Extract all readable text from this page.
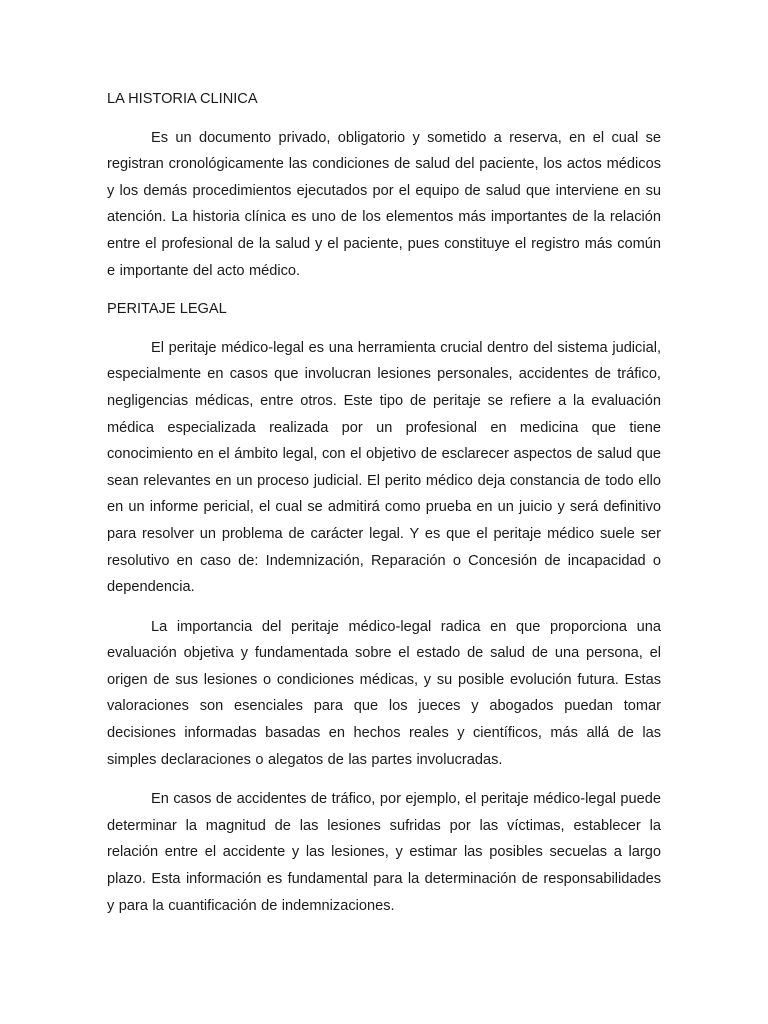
LA HISTORIA CLINICA

Es un documento privado, obligatorio y sometido a reserva, en el cual se registran cronológicamente las condiciones de salud del paciente, los actos médicos y los demás procedimientos ejecutados por el equipo de salud que interviene en su atención. La historia clínica es uno de los elementos más importantes de la relación entre el profesional de la salud y el paciente, pues constituye el registro más común e importante del acto médico.

PERITAJE LEGAL

El peritaje médico-legal es una herramienta crucial dentro del sistema judicial, especialmente en casos que involucran lesiones personales, accidentes de tráfico, negligencias médicas, entre otros. Este tipo de peritaje se refiere a la evaluación médica especializada realizada por un profesional en medicina que tiene conocimiento en el ámbito legal, con el objetivo de esclarecer aspectos de salud que sean relevantes en un proceso judicial. El perito médico deja constancia de todo ello en un informe pericial, el cual se admitirá como prueba en un juicio y será definitivo para resolver un problema de carácter legal. Y es que el peritaje médico suele ser resolutivo en caso de: Indemnización, Reparación o Concesión de incapacidad o dependencia.

La importancia del peritaje médico-legal radica en que proporciona una evaluación objetiva y fundamentada sobre el estado de salud de una persona, el origen de sus lesiones o condiciones médicas, y su posible evolución futura. Estas valoraciones son esenciales para que los jueces y abogados puedan tomar decisiones informadas basadas en hechos reales y científicos, más allá de las simples declaraciones o alegatos de las partes involucradas.

En casos de accidentes de tráfico, por ejemplo, el peritaje médico-legal puede determinar la magnitud de las lesiones sufridas por las víctimas, establecer la relación entre el accidente y las lesiones, y estimar las posibles secuelas a largo plazo. Esta información es fundamental para la determinación de responsabilidades y para la cuantificación de indemnizaciones.
